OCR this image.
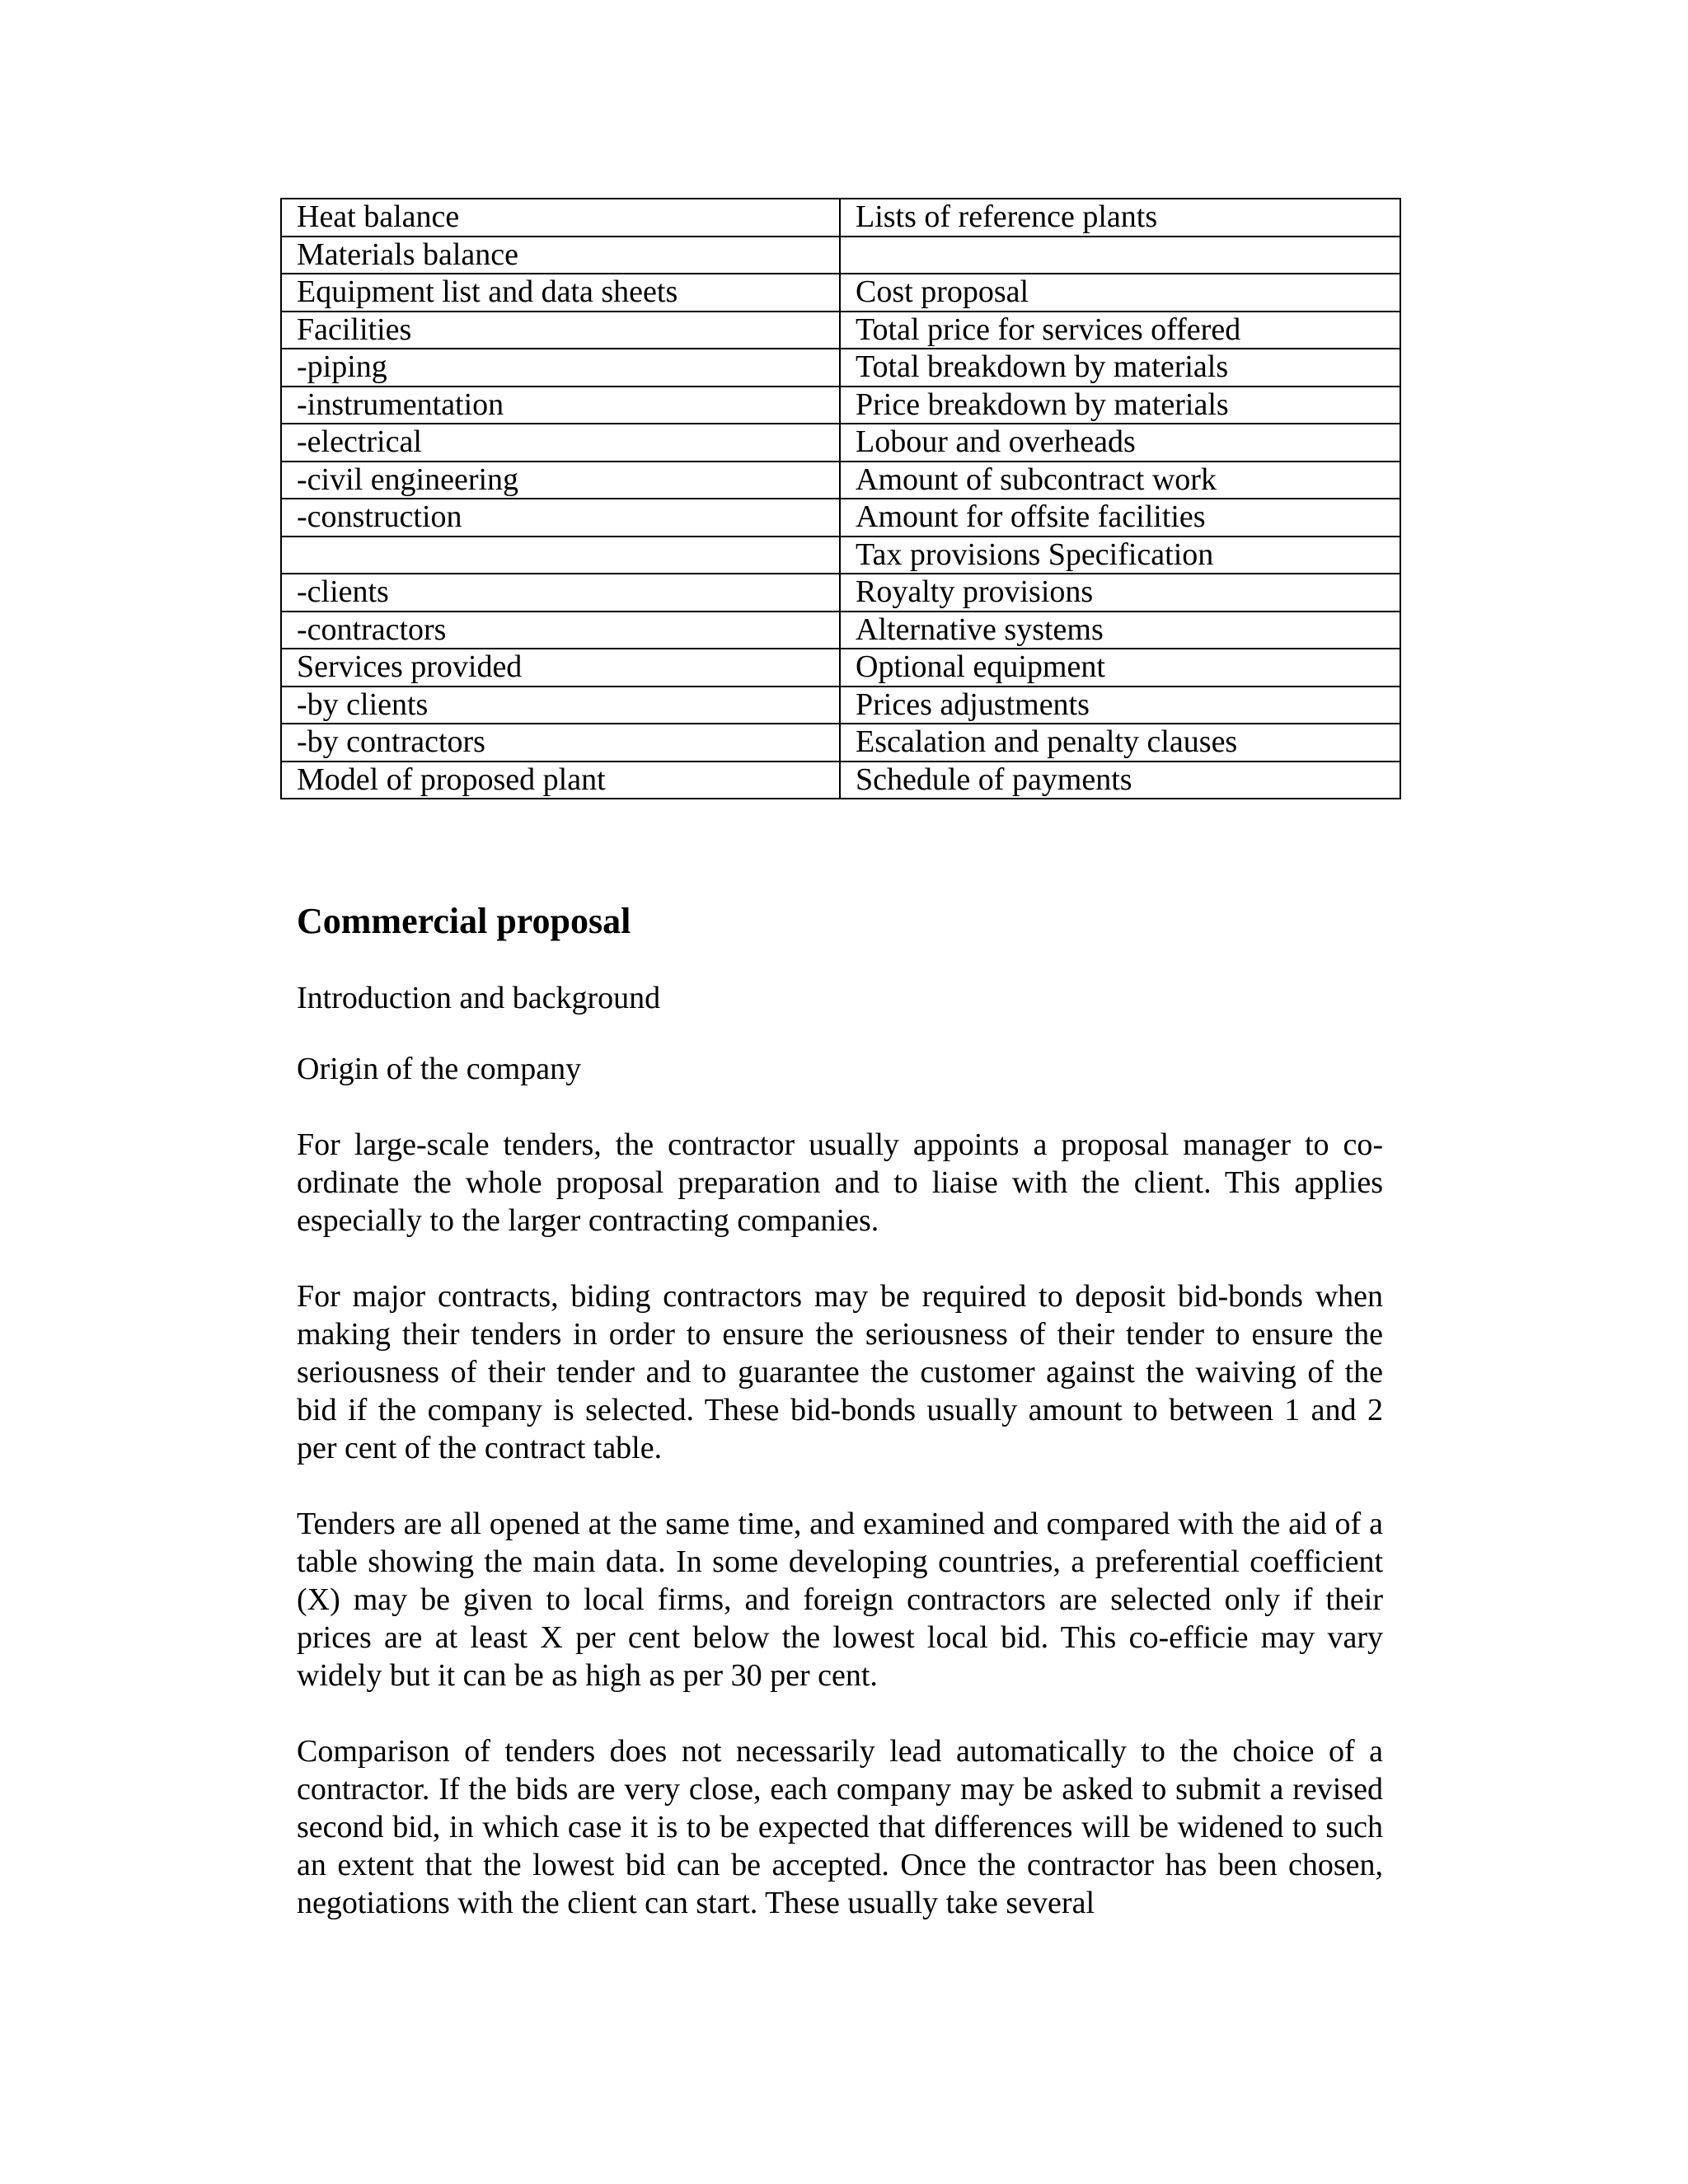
Heat balance	Lists of reference plants
Materials balance	
Equipment list and data sheets	Cost proposal
Facilities	Total price for services offered
-piping	Total breakdown by materials
-instrumentation	Price breakdown by materials
-electrical	Lobour and overheads
-civil engineering	Amount of subcontract work
-construction	Amount for offsite facilities
	Tax provisions Specification
-clients	Royalty provisions
-contractors	Alternative systems
Services provided	Optional equipment
-by clients	Prices adjustments
-by contractors	Escalation and penalty clauses
Model of proposed plant	Schedule of payments
Commercial proposal

Introduction and background

Origin of the company

For large-scale tenders, the contractor usually appoints a proposal manager to co-ordinate the whole proposal preparation and to liaise with the client. This applies especially to the larger contracting companies.

For major contracts, biding contractors may be required to deposit bid-bonds when making their tenders in order to ensure the seriousness of their tender to ensure the seriousness of their tender and to guarantee the customer against the waiving of the bid if the company is selected. These bid-bonds usually amount to between 1 and 2 per cent of the contract table.

Tenders are all opened at the same time, and examined and compared with the aid of a table showing the main data. In some developing countries, a preferential coefficient (X) may be given to local firms, and foreign contractors are selected only if their prices are at least X per cent below the lowest local bid. This co-efficie may vary widely but it can be as high as per 30 per cent.

Comparison of tenders does not necessarily lead automatically to the choice of a contractor. If the bids are very close, each company may be asked to submit a revised second bid, in which case it is to be expected that differences will be widened to such an extent that the lowest bid can be accepted. Once the contractor has been chosen, negotiations with the client can start. These usually take several
